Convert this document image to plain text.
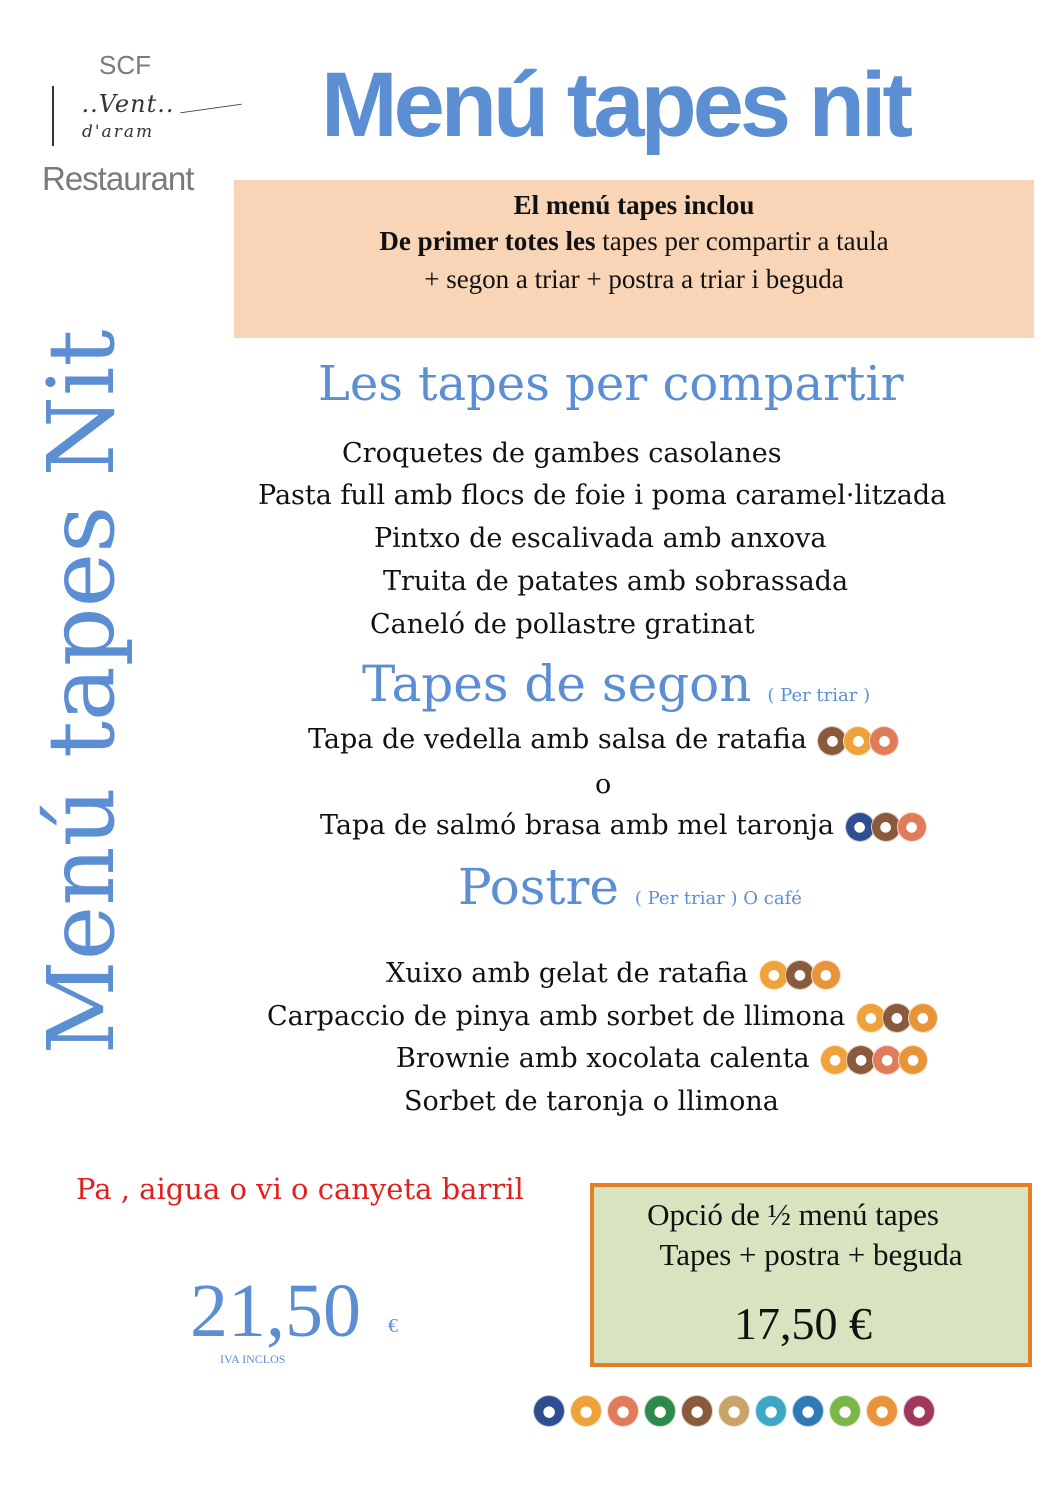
SCF
..Vent..
d'aram
Restaurant
Menú tapes nit
El menú tapes inclou
De primer totes les tapes per compartir a taula
+ segon a triar + postra a triar i beguda
Menú tapes Nit	Les tapes per compartir
Croquetes de gambes casolanes
Pasta full amb flocs de foie i poma caramel·litzada
Pintxo de escalivada amb anxova
Truita de patates amb sobrassada
Caneló de pollastre gratinat
Tapes de segon ( Per triar )
Tapa de vedella amb salsa de ratafia ● ● ●
o
Tapa de salmó brasa amb mel taronja ● ● ●
Postre ( Per triar ) O café
Xuixo amb gelat de ratafia ● ● ●
Carpaccio de pinya amb sorbet de llimona ● ● ●
Brownie amb xocolata calenta ● ● ● ●
Sorbet de taronja o llimona
Pa , aigua o vi o canyeta barril
21,50 €
IVA INCLOS
Opció de ½ menú tapes
Tapes + postra + beguda
17,50 €
● ● ● ● ● ● ● ● ● ● ●
